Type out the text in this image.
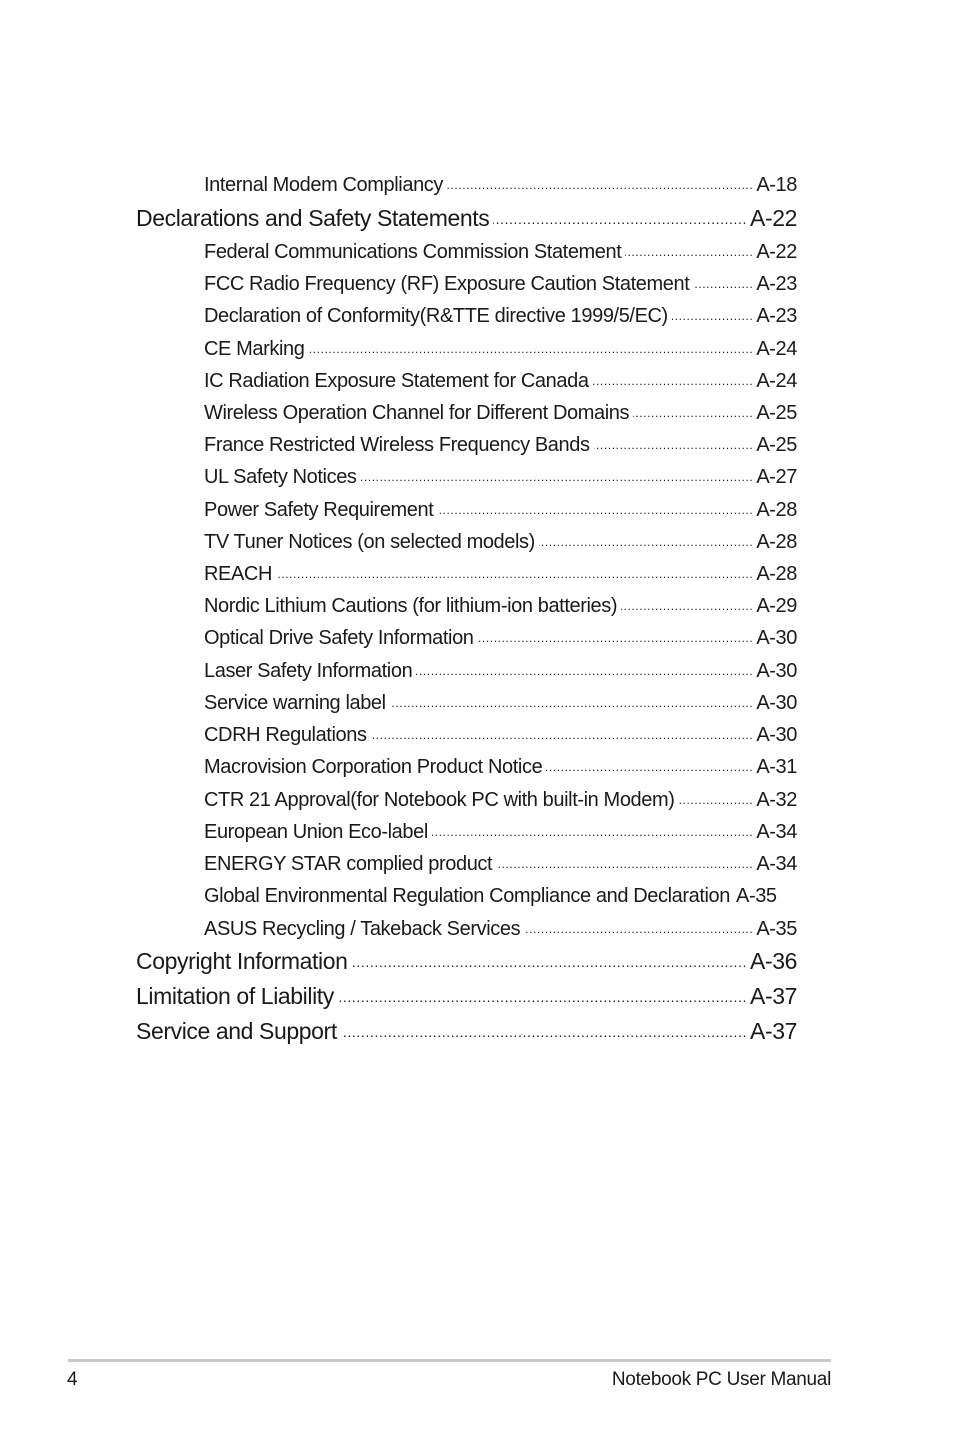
Internal Modem Compliancy .....	A-18
Declarations and Safety Statements .....	A-22
Federal Communications Commission Statement .....	A-22
FCC Radio Frequency (RF) Exposure Caution Statement .....	A-23
Declaration of Conformity(R&TTE directive 1999/5/EC) .....	A-23
CE Marking .....	A-24
IC Radiation Exposure Statement for Canada .....	A-24
Wireless Operation Channel for Different Domains .....	A-25
France Restricted Wireless Frequency Bands .....	A-25
UL Safety Notices .....	A-27
Power Safety Requirement .....	A-28
TV Tuner Notices (on selected models) .....	A-28
REACH .....	A-28
Nordic Lithium Cautions (for lithium-ion batteries) .....	A-29
Optical Drive Safety Information .....	A-30
Laser Safety Information .....	A-30
Service warning label .....	A-30
CDRH Regulations .....	A-30
Macrovision Corporation Product Notice .....	A-31
CTR 21 Approval(for Notebook PC with built-in Modem) .....	A-32
European Union Eco-label .....	A-34
ENERGY STAR complied product .....	A-34
Global Environmental Regulation Compliance and Declaration A-35
ASUS Recycling / Takeback Services .....	A-35
Copyright Information .....	A-36
Limitation of Liability .....	A-37
Service and Support .....	A-37
4	Notebook PC User Manual
